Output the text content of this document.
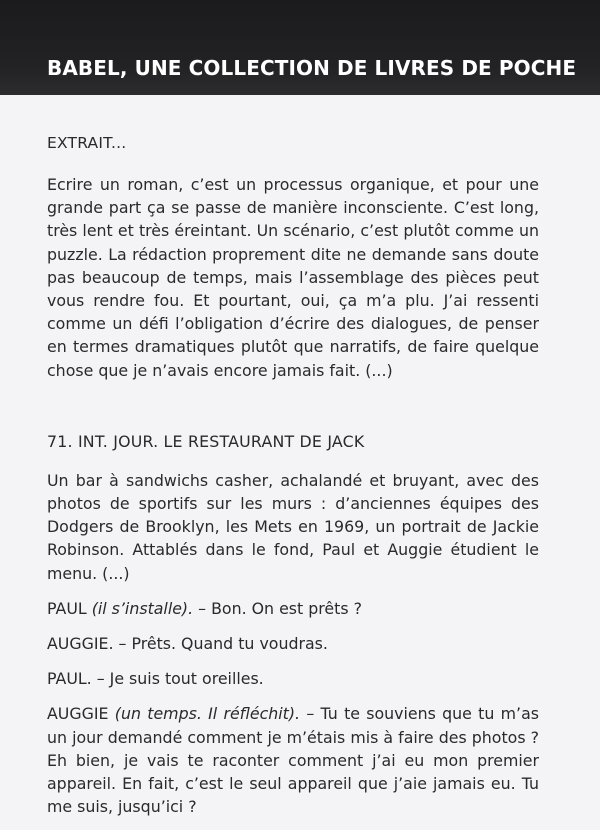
BABEL, UNE COLLECTION DE LIVRES DE POCHE
EXTRAIT...

Ecrire un roman, c’est un processus organique, et pour une grande part ça se passe de manière inconsciente. C’est long, très lent et très éreintant. Un scénario, c’est plutôt comme un puzzle. La rédaction proprement dite ne demande sans doute pas beaucoup de temps, mais l’assemblage des pièces peut vous rendre fou. Et pourtant, oui, ça m’a plu. J’ai ressenti comme un défi l’obligation d’écrire des dialogues, de penser en termes dramatiques plutôt que narratifs, de faire quelque chose que je n’avais encore jamais fait. (...)

71. INT. JOUR. LE RESTAURANT DE JACK

Un bar à sandwichs casher, achalandé et bruyant, avec des photos de sportifs sur les murs : d’anciennes équipes des Dodgers de Brooklyn, les Mets en 1969, un portrait de Jackie Robinson. Attablés dans le fond, Paul et Auggie étudient le menu. (...)

PAUL (il s’installe). – Bon. On est prêts ?

AUGGIE. – Prêts. Quand tu voudras.

PAUL. – Je suis tout oreilles.

AUGGIE (un temps. Il réfléchit). – Tu te souviens que tu m’as un jour demandé comment je m’étais mis à faire des photos ? Eh bien, je vais te raconter comment j’ai eu mon premier appareil. En fait, c’est le seul appareil que j’aie jamais eu. Tu me suis, jusqu’ici ?
